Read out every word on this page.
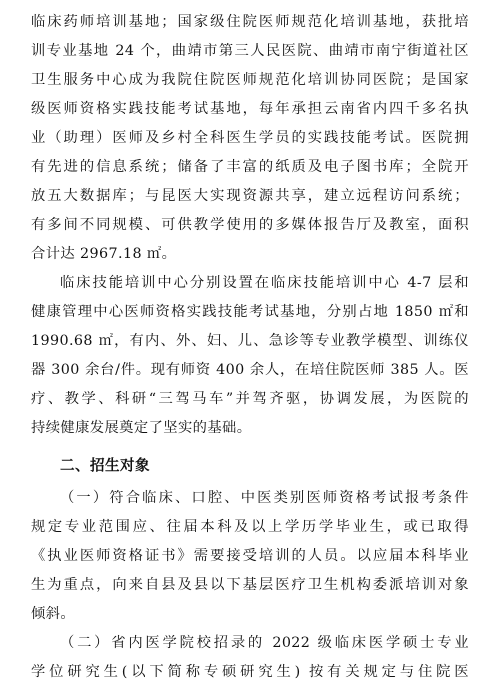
临床药师培训基地；国家级住院医师规范化培训基地，获批培
训专业基地 24 个，曲靖市第三人民医院、曲靖市南宁街道社区
卫生服务中心成为我院住院医师规范化培训协同医院；是国家
级医师资格实践技能考试基地，每年承担云南省内四千多名执
业（助理）医师及乡村全科医生学员的实践技能考试。医院拥
有先进的信息系统；储备了丰富的纸质及电子图书库；全院开
放五大数据库；与昆医大实现资源共享，建立远程访问系统；
有多间不同规模、可供教学使用的多媒体报告厅及教室，面积
合计达 2967.18 ㎡。
临床技能培训中心分别设置在临床技能培训中心 4-7 层和
健康管理中心医师资格实践技能考试基地，分别占地 1850 ㎡和
1990.68 ㎡，有内、外、妇、儿、急诊等专业教学模型、训练仪
器 300 余台/件。现有师资 400 余人，在培住院医师 385 人。医
疗、教学、科研“三驾马车”并驾齐驱，协调发展，为医院的
持续健康发展奠定了坚实的基础。
二、招生对象
（一）符合临床、口腔、中医类别医师资格考试报考条件
规定专业范围应、往届本科及以上学历学毕业生，或已取得
《执业医师资格证书》需要接受培训的人员。以应届本科毕业
生为重点，向来自县及县以下基层医疗卫生机构委派培训对象
倾斜。
（二）省内医学院校招录的 2022 级临床医学硕士专业
学位研究生(以下简称专硕研究生) 按有关规定与住院医
